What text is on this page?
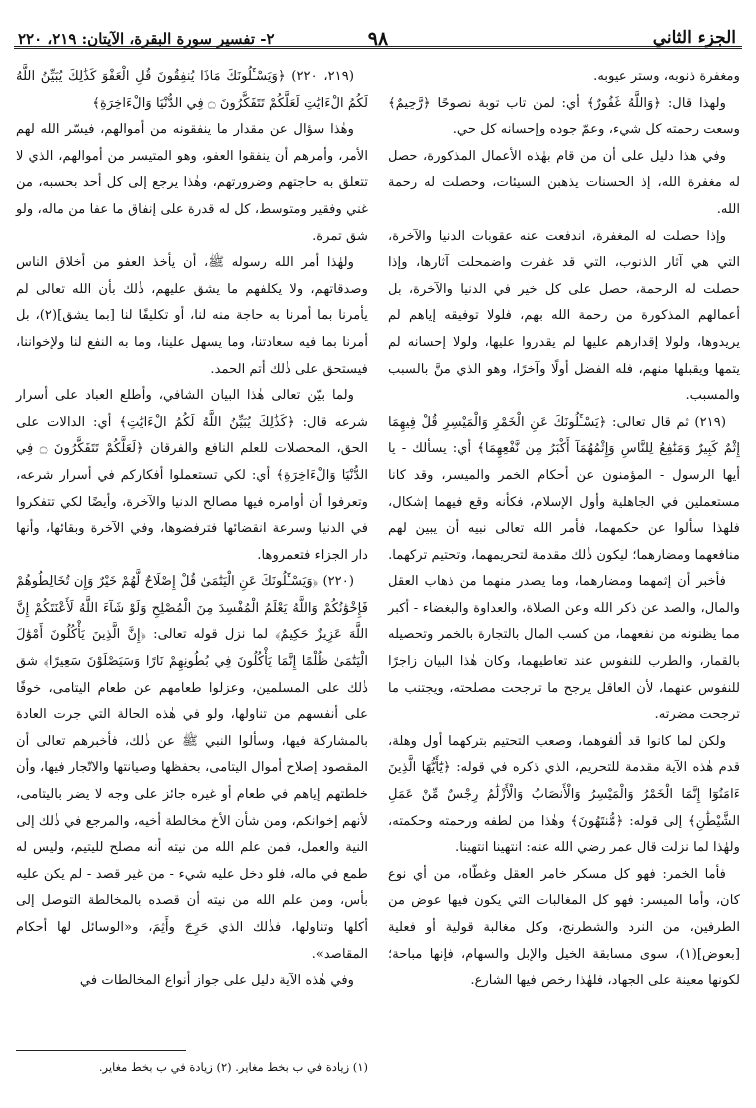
الجزء الثاني
٩٨
٢- تفسير سورة البقرة، الآيتان: ٢١٩، ٢٢٠

ومغفرة ذنوبه، وستر عيوبه.

ولهذا قال: ﴿وَاللَّهُ غَفُورٌ﴾ أي: لمن تاب توبة نصوحًا ﴿رَّحِيمٌ﴾ وسعت رحمته كل شيء، وعمّ جوده وإحسانه كل حي.

وفي هذا دليل على أن من قام بهٰذه الأعمال المذكورة، حصل له مغفرة الله، إذ الحسنات يذهبن السيئات، وحصلت له رحمة الله.

وإذا حصلت له المغفرة، اندفعت عنه عقوبات الدنيا والآخرة، التي هي آثار الذنوب، التي قد غفرت واضمحلت آثارها، وإذا حصلت له الرحمة، حصل على كل خير في الدنيا والآخرة، بل أعمالهم المذكورة من رحمة الله بهم، فلولا توفيقه إياهم لم يريدوها، ولولا إقدارهم عليها لم يقدروا عليها، ولولا إحسانه لم يتمها ويقبلها منهم، فله الفضل أولًا وآخرًا، وهو الذي منَّ بالسبب والمسبب.

(٢١٩) ثم قال تعالى: ﴿يَسْـَٔلُونَكَ عَنِ الْخَمْرِ وَالْمَيْسِرِ قُلْ فِيهِمَا إِثْمٌ كَبِيرٌ وَمَنَٰفِعُ لِلنَّاسِ وَإِثْمُهُمَآ أَكْبَرُ مِن نَّفْعِهِمَا﴾ أي: يسألك - يا أيها الرسول - المؤمنون عن أحكام الخمر والميسر، وقد كانا مستعملين في الجاهلية وأول الإسلام، فكأنه وقع فيهما إشكال، فلهذا سألوا عن حكمهما، فأمر الله تعالى نبيه أن يبين لهم منافعهما ومضارهما؛ ليكون ذٰلك مقدمة لتحريمهما، وتحتيم تركهما.

فأخبر أن إثمهما ومضارهما، وما يصدر منهما من ذهاب العقل والمال، والصد عن ذكر الله وعن الصلاة، والعداوة والبغضاء - أكبر مما يظنونه من نفعهما، من كسب المال بالتجارة بالخمر وتحصيله بالقمار، والطرب للنفوس عند تعاطيهما، وكان هٰذا البيان زاجرًا للنفوس عنهما، لأن العاقل يرجح ما ترجحت مصلحته، ويجتنب ما ترجحت مضرته.

ولكن لما كانوا قد ألفوهما، وصعب التحتيم بتركهما أول وهلة، قدم هٰذه الآية مقدمة للتحريم، الذي ذكره في قوله: ﴿يَٰٓأَيُّهَا الَّذِينَ ءَامَنُوٓا إِنَّمَا الْخَمْرُ وَالْمَيْسِرُ وَالْأَنصَابُ وَالْأَزْلَٰمُ رِجْسٌ مِّنْ عَمَلِ الشَّيْطَٰنِ﴾ إلى قوله: ﴿مُّنتَهُونَ﴾ وهٰذا من لطفه ورحمته وحكمته، ولهٰذا لما نزلت قال عمر رضي الله عنه: انتهينا انتهينا.

فأما الخمر: فهو كل مسكر خامر العقل وغطّاه، من أي نوع كان، وأما الميسر: فهو كل المغالبات التي يكون فيها عوض من الطرفين، من النرد والشطرنج، وكل مغالبة قولية أو فعلية [بعوض](١)، سوى مسابقة الخيل والإبل والسهام، فإنها مباحة؛ لكونها معينة على الجهاد، فلهٰذا رخص فيها الشارع.

(٢١٩، ٢٢٠) ﴿وَيَسْـَٔلُونَكَ مَاذَا يُنفِقُونَ قُلِ الْعَفْوَ كَذَٰلِكَ يُبَيِّنُ اللَّهُ لَكُمُ الْءَايَٰتِ لَعَلَّكُمْ تَتَفَكَّرُونَ ۝ فِي الدُّنْيَا وَالْءَاخِرَةِ﴾

وهٰذا سؤال عن مقدار ما ينفقونه من أموالهم، فيسّر الله لهم الأمر، وأمرهم أن ينفقوا العفو، وهو المتيسر من أموالهم، الذي لا تتعلق به حاجتهم وضرورتهم، وهٰذا يرجع إلى كل أحد بحسبه، من غني وفقير ومتوسط، كل له قدرة على إنفاق ما عفا من ماله، ولو شق تمرة.

ولهٰذا أمر الله رسوله ﷺ، أن يأخذ العفو من أخلاق الناس وصدقاتهم، ولا يكلفهم ما يشق عليهم، ذٰلك بأن الله تعالى لم يأمرنا بما أمرنا به حاجة منه لنا، أو تكليفًا لنا [بما يشق](٢)، بل أمرنا بما فيه سعادتنا، وما يسهل علينا، وما به النفع لنا ولإخواننا، فيستحق على ذٰلك أتم الحمد.

ولما بيّن تعالى هٰذا البيان الشافي، وأطلع العباد على أسرار شرعه قال: ﴿كَذَٰلِكَ يُبَيِّنُ اللَّهُ لَكُمُ الْءَايَٰتِ﴾ أي: الدالات على الحق، المحصلات للعلم النافع والفرقان ﴿لَعَلَّكُمْ تَتَفَكَّرُونَ ۝ فِي الدُّنْيَا وَالْءَاخِرَةِ﴾ أي: لكي تستعملوا أفكاركم في أسرار شرعه، وتعرفوا أن أوامره فيها مصالح الدنيا والآخرة، وأيضًا لكي تتفكروا في الدنيا وسرعة انقضائها فترفضوها، وفي الآخرة وبقائها، وأنها دار الجزاء فتعمروها.

(٢٢٠) ﴿وَيَسْـَٔلُونَكَ عَنِ الْيَتَٰمَىٰ قُلْ إِصْلَاحٌ لَّهُمْ خَيْرٌ وَإِن تُخَالِطُوهُمْ فَإِخْوَٰنُكُمْ وَاللَّهُ يَعْلَمُ الْمُفْسِدَ مِنَ الْمُصْلِحِ وَلَوْ شَآءَ اللَّهُ لَأَعْنَتَكُمْ إِنَّ اللَّهَ عَزِيزٌ حَكِيمٌ﴾ لما نزل قوله تعالى: ﴿إِنَّ الَّذِينَ يَأْكُلُونَ أَمْوَٰلَ الْيَتَٰمَىٰ ظُلْمًا إِنَّمَا يَأْكُلُونَ فِي بُطُونِهِمْ نَارًا وَسَيَصْلَوْنَ سَعِيرًا﴾ شق ذٰلك على المسلمين، وعزلوا طعامهم عن طعام اليتامى، خوفًا على أنفسهم من تناولها، ولو في هٰذه الحالة التي جرت العادة بالمشاركة فيها، وسألوا النبي ﷺ عن ذٰلك، فأخبرهم تعالى أن المقصود إصلاح أموال اليتامى، بحفظها وصيانتها والاتّجار فيها، وأن خلطتهم إياهم في طعام أو غيره جائز على وجه لا يضر باليتامى، لأنهم إخوانكم، ومن شأن الأخ مخالطة أخيه، والمرجع في ذٰلك إلى النية والعمل، فمن علم الله من نيته أنه مصلح لليتيم، وليس له طمع في ماله، فلو دخل عليه شيء - من غير قصد - لم يكن عليه بأس، ومن علم الله من نيته أن قصده بالمخالطة التوصل إلى أكلها وتناولها، فذٰلك الذي حَرِجَ وأَثِمَ، و«الوسائل لها أحكام المقاصد».

وفي هٰذه الآية دليل على جواز أنواع المخالطات في

(١) زيادة في ب بخط مغاير. (٢) زيادة في ب بخط مغاير.
